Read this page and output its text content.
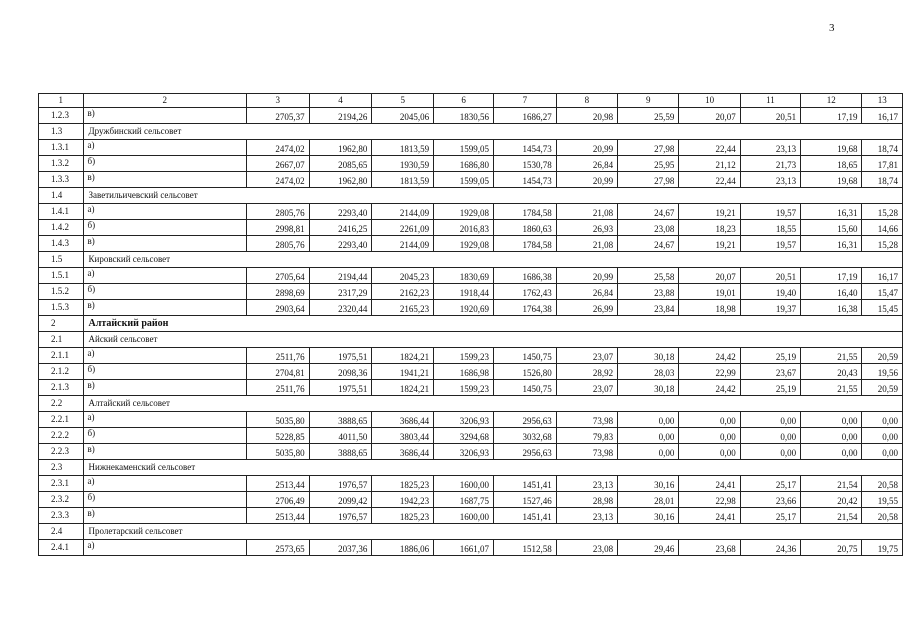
3
1	2	3	4	5	6	7	8	9	10	11	12	13
1.2.3	в)	2705,37	2194,26	2045,06	1830,56	1686,27	20,98	25,59	20,07	20,51	17,19	16,17
1.3	Дружбинский сельсовет											
1.3.1	а)	2474,02	1962,80	1813,59	1599,05	1454,73	20,99	27,98	22,44	23,13	19,68	18,74
1.3.2	б)	2667,07	2085,65	1930,59	1686,80	1530,78	26,84	25,95	21,12	21,73	18,65	17,81
1.3.3	в)	2474,02	1962,80	1813,59	1599,05	1454,73	20,99	27,98	22,44	23,13	19,68	18,74
1.4	Заветильичевский сельсовет											
1.4.1	а)	2805,76	2293,40	2144,09	1929,08	1784,58	21,08	24,67	19,21	19,57	16,31	15,28
1.4.2	б)	2998,81	2416,25	2261,09	2016,83	1860,63	26,93	23,08	18,23	18,55	15,60	14,66
1.4.3	в)	2805,76	2293,40	2144,09	1929,08	1784,58	21,08	24,67	19,21	19,57	16,31	15,28
1.5	Кировский сельсовет											
1.5.1	а)	2705,64	2194,44	2045,23	1830,69	1686,38	20,99	25,58	20,07	20,51	17,19	16,17
1.5.2	б)	2898,69	2317,29	2162,23	1918,44	1762,43	26,84	23,88	19,01	19,40	16,40	15,47
1.5.3	в)	2903,64	2320,44	2165,23	1920,69	1764,38	26,99	23,84	18,98	19,37	16,38	15,45
2	Алтайский район											
2.1	Айский сельсовет											
2.1.1	а)	2511,76	1975,51	1824,21	1599,23	1450,75	23,07	30,18	24,42	25,19	21,55	20,59
2.1.2	б)	2704,81	2098,36	1941,21	1686,98	1526,80	28,92	28,03	22,99	23,67	20,43	19,56
2.1.3	в)	2511,76	1975,51	1824,21	1599,23	1450,75	23,07	30,18	24,42	25,19	21,55	20,59
2.2	Алтайский сельсовет											
2.2.1	а)	5035,80	3888,65	3686,44	3206,93	2956,63	73,98	0,00	0,00	0,00	0,00	0,00
2.2.2	б)	5228,85	4011,50	3803,44	3294,68	3032,68	79,83	0,00	0,00	0,00	0,00	0,00
2.2.3	в)	5035,80	3888,65	3686,44	3206,93	2956,63	73,98	0,00	0,00	0,00	0,00	0,00
2.3	Нижнекаменский сельсовет											
2.3.1	а)	2513,44	1976,57	1825,23	1600,00	1451,41	23,13	30,16	24,41	25,17	21,54	20,58
2.3.2	б)	2706,49	2099,42	1942,23	1687,75	1527,46	28,98	28,01	22,98	23,66	20,42	19,55
2.3.3	в)	2513,44	1976,57	1825,23	1600,00	1451,41	23,13	30,16	24,41	25,17	21,54	20,58
2.4	Пролетарский сельсовет											
2.4.1	а)	2573,65	2037,36	1886,06	1661,07	1512,58	23,08	29,46	23,68	24,36	20,75	19,75
